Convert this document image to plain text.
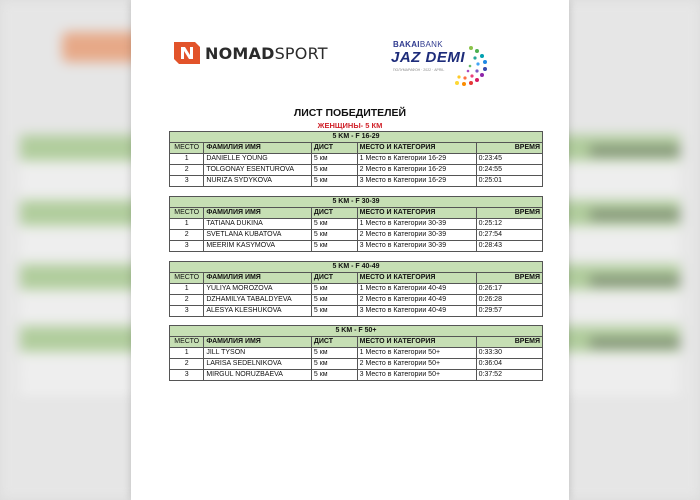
NOMADSPORT	BAKAIBANK
JAZ DEMI
ПОЛУМАРАФОН · 2022 · APRIL
ЛИСТ ПОБЕДИТЕЛЕЙ
ЖЕНЩИНЫ- 5 КМ
5 KM - F 16-29				
МЕСТО	ФАМИЛИЯ ИМЯ	ДИСТ	МЕСТО И КАТЕГОРИЯ	ВРЕМЯ
1	DANIELLE YOUNG	5 км	1 Место в Категории 16-29	0:23:45
2	TOLGONAY ESENTUROVA	5 км	2 Место в Категории 16-29	0:24:55
3	NURIZA SYDYKOVA	5 км	3 Место в Категории 16-29	0:25:01
5 KM - F 30-39				
МЕСТО	ФАМИЛИЯ ИМЯ	ДИСТ	МЕСТО И КАТЕГОРИЯ	ВРЕМЯ
1	TATIANA DUKINA	5 км	1 Место в Категории 30-39	0:25:12
2	SVETLANA KUBATOVA	5 км	2 Место в Категории 30-39	0:27:54
3	MEERIM KASYMOVA	5 км	3 Место в Категории 30-39	0:28:43
5 KM - F 40-49				
МЕСТО	ФАМИЛИЯ ИМЯ	ДИСТ	МЕСТО И КАТЕГОРИЯ	ВРЕМЯ
1	YULIYA MOROZOVA	5 км	1 Место в Категории 40-49	0:26:17
2	DZHAMILYA TABALDYEVA	5 км	2 Место в Категории 40-49	0:26:28
3	ALESYA KLESHUKOVA	5 км	3 Место в Категории 40-49	0:29:57
5 KM - F 50+				
МЕСТО	ФАМИЛИЯ ИМЯ	ДИСТ	МЕСТО И КАТЕГОРИЯ	ВРЕМЯ
1	JILL TYSON	5 км	1 Место в Категории 50+	0:33:30
2	LARISA SEDELNIKOVA	5 км	2 Место в Категории 50+	0:36:04
3	MIRGUL NORUZBAEVA	5 км	3 Место в Категории 50+	0:37:52
